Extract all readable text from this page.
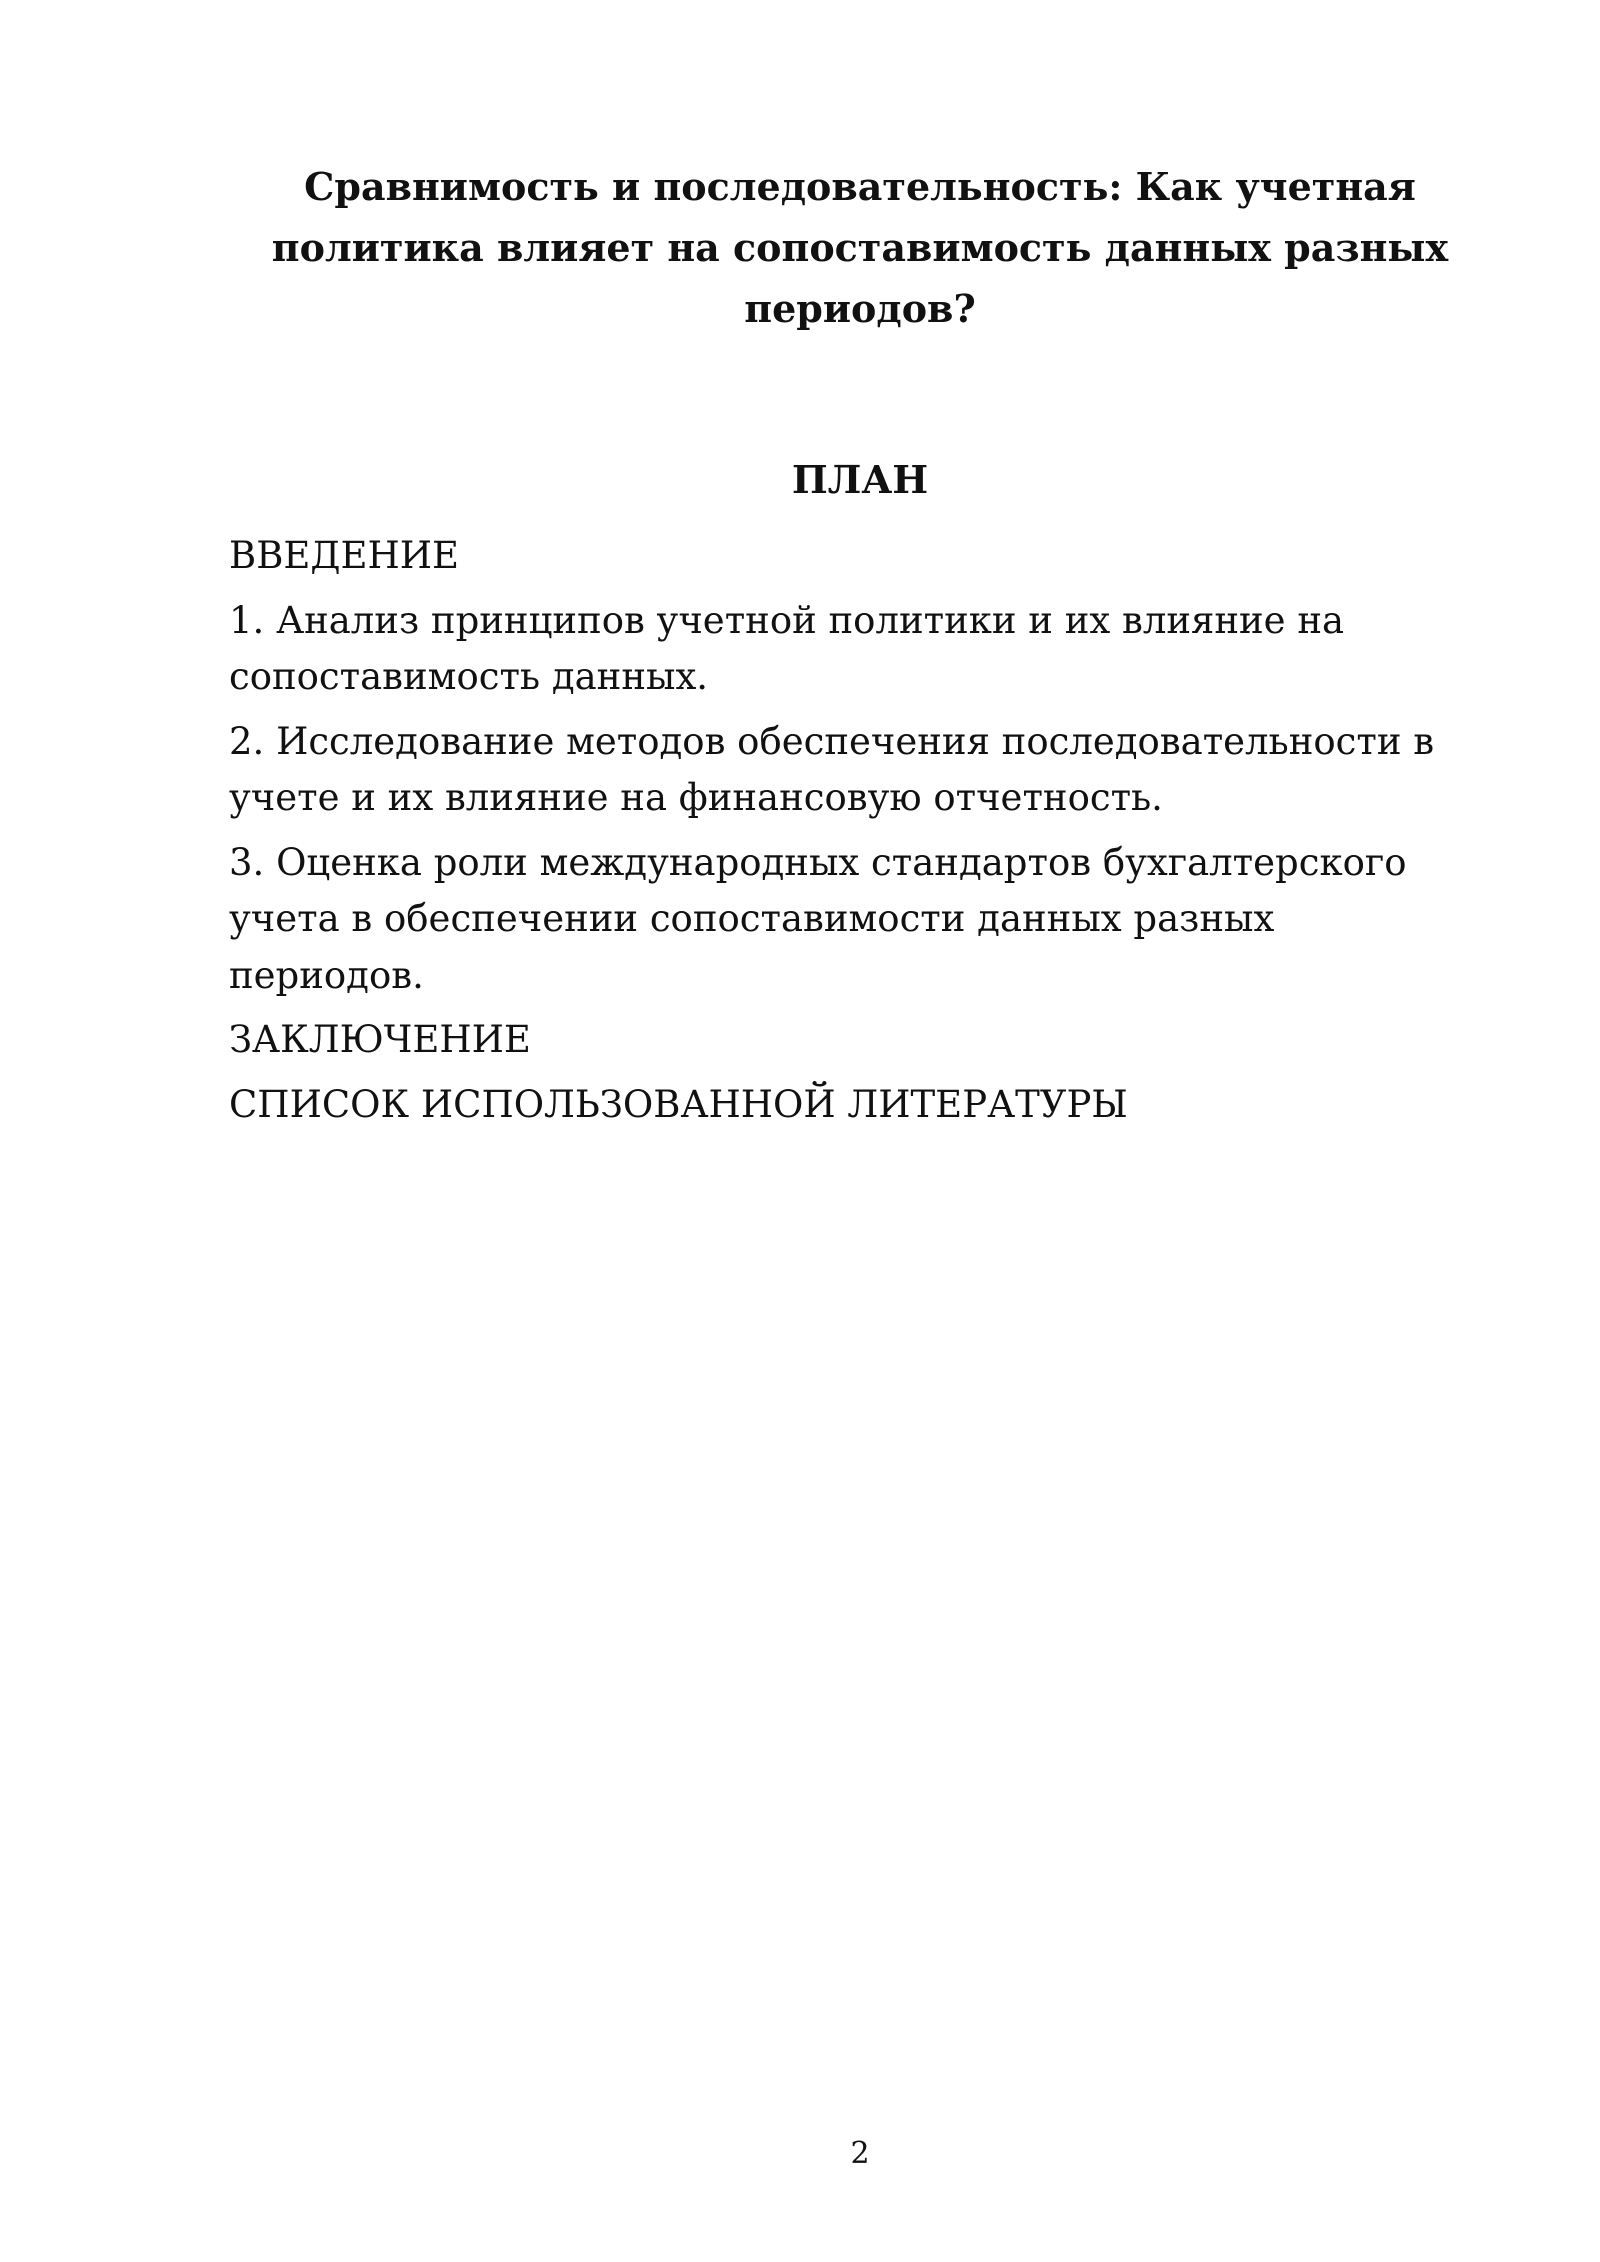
Сравнимость и последовательность: Как учетная политика влияет на сопоставимость данных разных периодов?
ПЛАН
ВВЕДЕНИЕ
1. Анализ принципов учетной политики и их влияние на сопоставимость данных.
2. Исследование методов обеспечения последовательности в учете и их влияние на финансовую отчетность.
3. Оценка роли международных стандартов бухгалтерского учета в обеспечении сопоставимости данных разных периодов.
ЗАКЛЮЧЕНИЕ
СПИСОК ИСПОЛЬЗОВАННОЙ ЛИТЕРАТУРЫ
2
